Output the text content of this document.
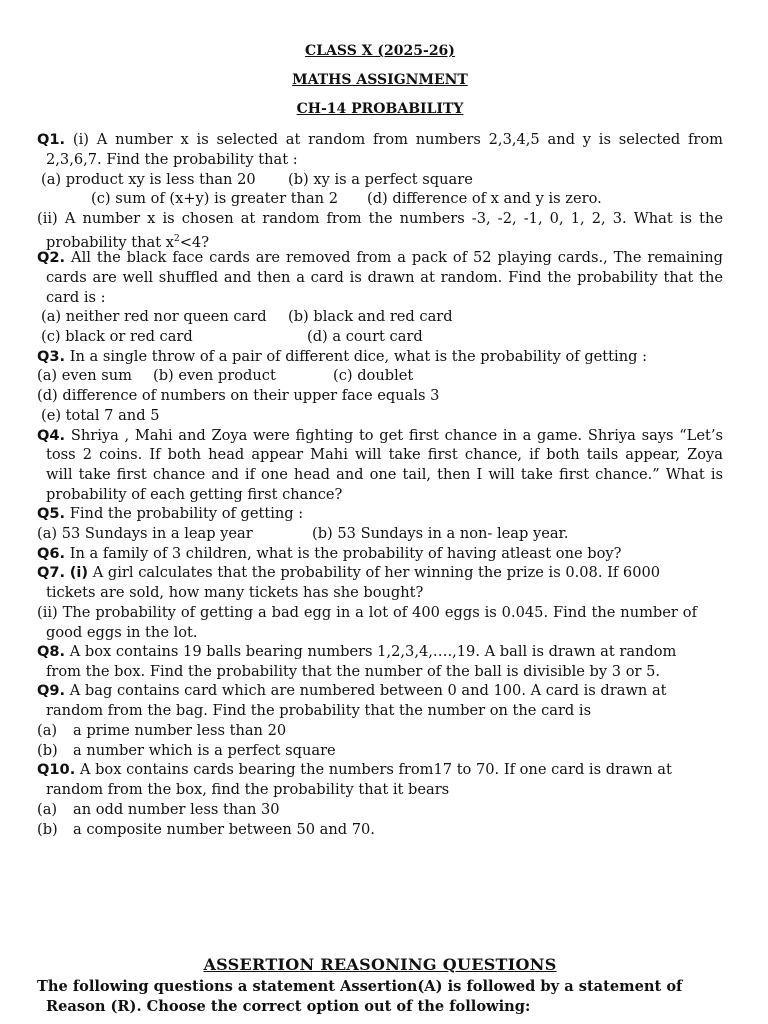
CLASS X (2025-26)
MATHS ASSIGNMENT
CH-14 PROBABILITY
Q1. (i) A number x is selected at random from numbers 2,3,4,5 and y is selected from
2,3,6,7. Find the probability that :
(a) product xy is less than 20 (b) xy is a perfect square
(c) sum of (x+y) is greater than 2 (d) difference of x and y is zero.
(ii) A number x is chosen at random from the numbers -3, -2, -1, 0, 1, 2, 3. What is the
probability that $x^2<4$?
Q2. All the black face cards are removed from a pack of 52 playing cards., The remaining
cards are well shuffled and then a card is drawn at random. Find the probability that the
card is :
(a) neither red nor queen card (b) black and red card
(c) black or red card	(d) a court card
Q3. In a single throw of a pair of different dice, what is the probability of getting :
(a) even sum (b) even product	(c) doublet
(d) difference of numbers on their upper face equals 3
(e) total 7 and 5
Q4. Shriya , Mahi and Zoya were fighting to get first chance in a game. Shriya says “Let’s
toss 2 coins. If both head appear Mahi will take first chance, if both tails appear, Zoya
will take first chance and if one head and one tail, then I will take first chance.” What is
probability of each getting first chance?
Q5. Find the probability of getting :
(a) 53 Sundays in a leap year	(b) 53 Sundays in a non- leap year.
Q6. In a family of 3 children, what is the probability of having atleast one boy?
Q7. (i) A girl calculates that the probability of her winning the prize is 0.08. If 6000
tickets are sold, how many tickets has she bought?
(ii) The probability of getting a bad egg in a lot of 400 eggs is 0.045. Find the number of
good eggs in the lot.
Q8. A box contains 19 balls bearing numbers 1,2,3,4,….,19. A ball is drawn at random
from the box. Find the probability that the number of the ball is divisible by 3 or 5.
Q9. A bag contains card which are numbered between 0 and 100. A card is drawn at
random from the bag. Find the probability that the number on the card is
(a) a prime number less than 20
(b) a number which is a perfect square
Q10. A box contains cards bearing the numbers from17 to 70. If one card is drawn at
random from the box, find the probability that it bears
(a) an odd number less than 30
(b) a composite number between 50 and 70.
ASSERTION REASONING QUESTIONS
The following questions a statement Assertion(A) is followed by a statement of
Reason (R). Choose the correct option out of the following:
